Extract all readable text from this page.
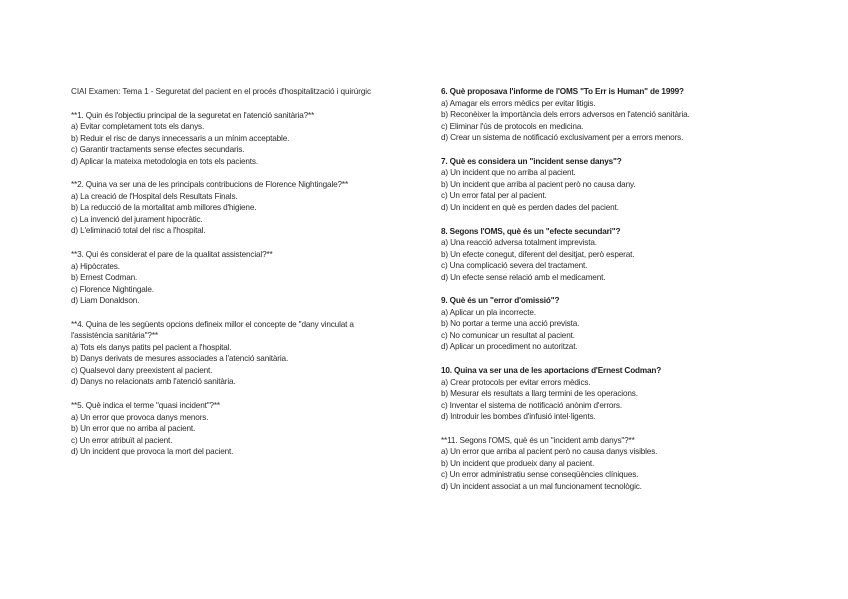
CIAI Examen: Tema 1 - Seguretat del pacient en el procés d'hospitalització i quirúrgic
**1. Quin és l'objectiu principal de la seguretat en l'atenció sanitària?**
a) Evitar completament tots els danys.
b) Reduir el risc de danys innecessaris a un mínim acceptable.
c) Garantir tractaments sense efectes secundaris.
d) Aplicar la mateixa metodologia en tots els pacients.
**2. Quina va ser una de les principals contribucions de Florence Nightingale?**
a) La creació de l'Hospital dels Resultats Finals.
b) La reducció de la mortalitat amb millores d'higiene.
c) La invenció del jurament hipocràtic.
d) L'eliminació total del risc a l'hospital.
**3. Qui és considerat el pare de la qualitat assistencial?**
a) Hipòcrates.
b) Ernest Codman.
c) Florence Nightingale.
d) Liam Donaldson.
**4. Quina de les següents opcions defineix millor el concepte de "dany vinculat a
l'assistència sanitària"?**
a) Tots els danys patits pel pacient a l'hospital.
b) Danys derivats de mesures associades a l'atenció sanitària.
c) Qualsevol dany preexistent al pacient.
d) Danys no relacionats amb l'atenció sanitària.
**5. Què indica el terme "quasi incident"?**
a) Un error que provoca danys menors.
b) Un error que no arriba al pacient.
c) Un error atribuït al pacient.
d) Un incident que provoca la mort del pacient.
6. Què proposava l'informe de l'OMS "To Err is Human" de 1999?
a) Amagar els errors mèdics per evitar litigis.
b) Reconèixer la importància dels errors adversos en l'atenció sanitària.
c) Eliminar l'ús de protocols en medicina.
d) Crear un sistema de notificació exclusivament per a errors menors.
7. Què es considera un "incident sense danys"?
a) Un incident que no arriba al pacient.
b) Un incident que arriba al pacient però no causa dany.
c) Un error fatal per al pacient.
d) Un incident en què es perden dades del pacient.
8. Segons l'OMS, què és un "efecte secundari"?
a) Una reacció adversa totalment imprevista.
b) Un efecte conegut, diferent del desitjat, però esperat.
c) Una complicació severa del tractament.
d) Un efecte sense relació amb el medicament.
9. Què és un "error d'omissió"?
a) Aplicar un pla incorrecte.
b) No portar a terme una acció prevista.
c) No comunicar un resultat al pacient.
d) Aplicar un procediment no autoritzat.
10. Quina va ser una de les aportacions d'Ernest Codman?
a) Crear protocols per evitar errors mèdics.
b) Mesurar els resultats a llarg termini de les operacions.
c) Inventar el sistema de notificació anònim d'errors.
d) Introduir les bombes d'infusió intel·ligents.
**11. Segons l'OMS, què és un "incident amb danys"?**
a) Un error que arriba al pacient però no causa danys visibles.
b) Un incident que produeix dany al pacient.
c) Un error administratiu sense conseqüències clíniques.
d) Un incident associat a un mal funcionament tecnològic.
